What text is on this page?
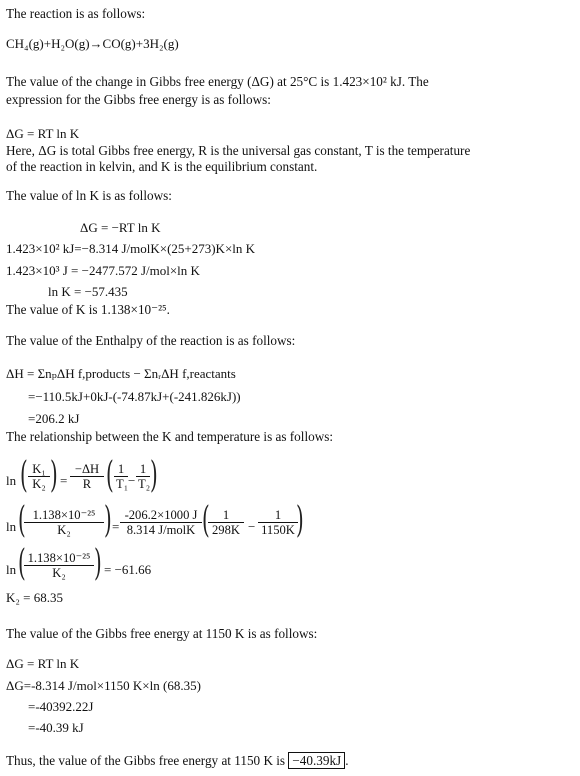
The reaction is as follows:
CH₄(g)+H₂O(g)→CO(g)+3H₂(g)
The value of the change in Gibbs free energy (ΔG) at 25°C is 1.423×10² kJ. The
expression for the Gibbs free energy is as follows:
ΔG = RT ln K
Here, ΔG is total Gibbs free energy, R is the universal gas constant, T is the temperature
of the reaction in kelvin, and K is the equilibrium constant.
The value of ln K is as follows:
ΔG = −RT ln K
1.423×10² kJ=−8.314 J/molK×(25+273)K×ln K
1.423×10³ J = −2477.572 J/mol×ln K
ln K = −57.435
The value of K is 1.138×10⁻²⁵.
The value of the Enthalpy of the reaction is as follows:
ΔH = ΣnₚΔH f,products − ΣnᵣΔH f,reactants
=−110.5kJ+0kJ-(-74.87kJ+(-241.826kJ))
=206.2 kJ
The relationship between the K and temperature is as follows:
ln ( $\frac{\text{K₁}}{\text{K₂}}$ ) = $\frac{-\Delta H}{R}$ ( $\frac{1}{\text{T₁}} - \frac{1}{\text{T₂}}$ )
ln (
$\frac{\text{1.138×10⁻²⁵}}{\text{K₂}}$ ) =
-206.2×1000 J
8.314 J/molK (
$\frac{1}{298K} - \frac{1}{1150K}$
)
ln (
$\frac{\text{1.138×10⁻²⁵}}{\text{K₂}}$ ) = −61.66
K₂ = 68.35
The value of the Gibbs free energy at 1150 K is as follows:
ΔG = RT ln K
ΔG=-8.314 J/mol×1150 K×ln (68.35)
=-40392.22J
=-40.39 kJ
Thus, the value of the Gibbs free energy at 1150 K is −40.39kJ .
